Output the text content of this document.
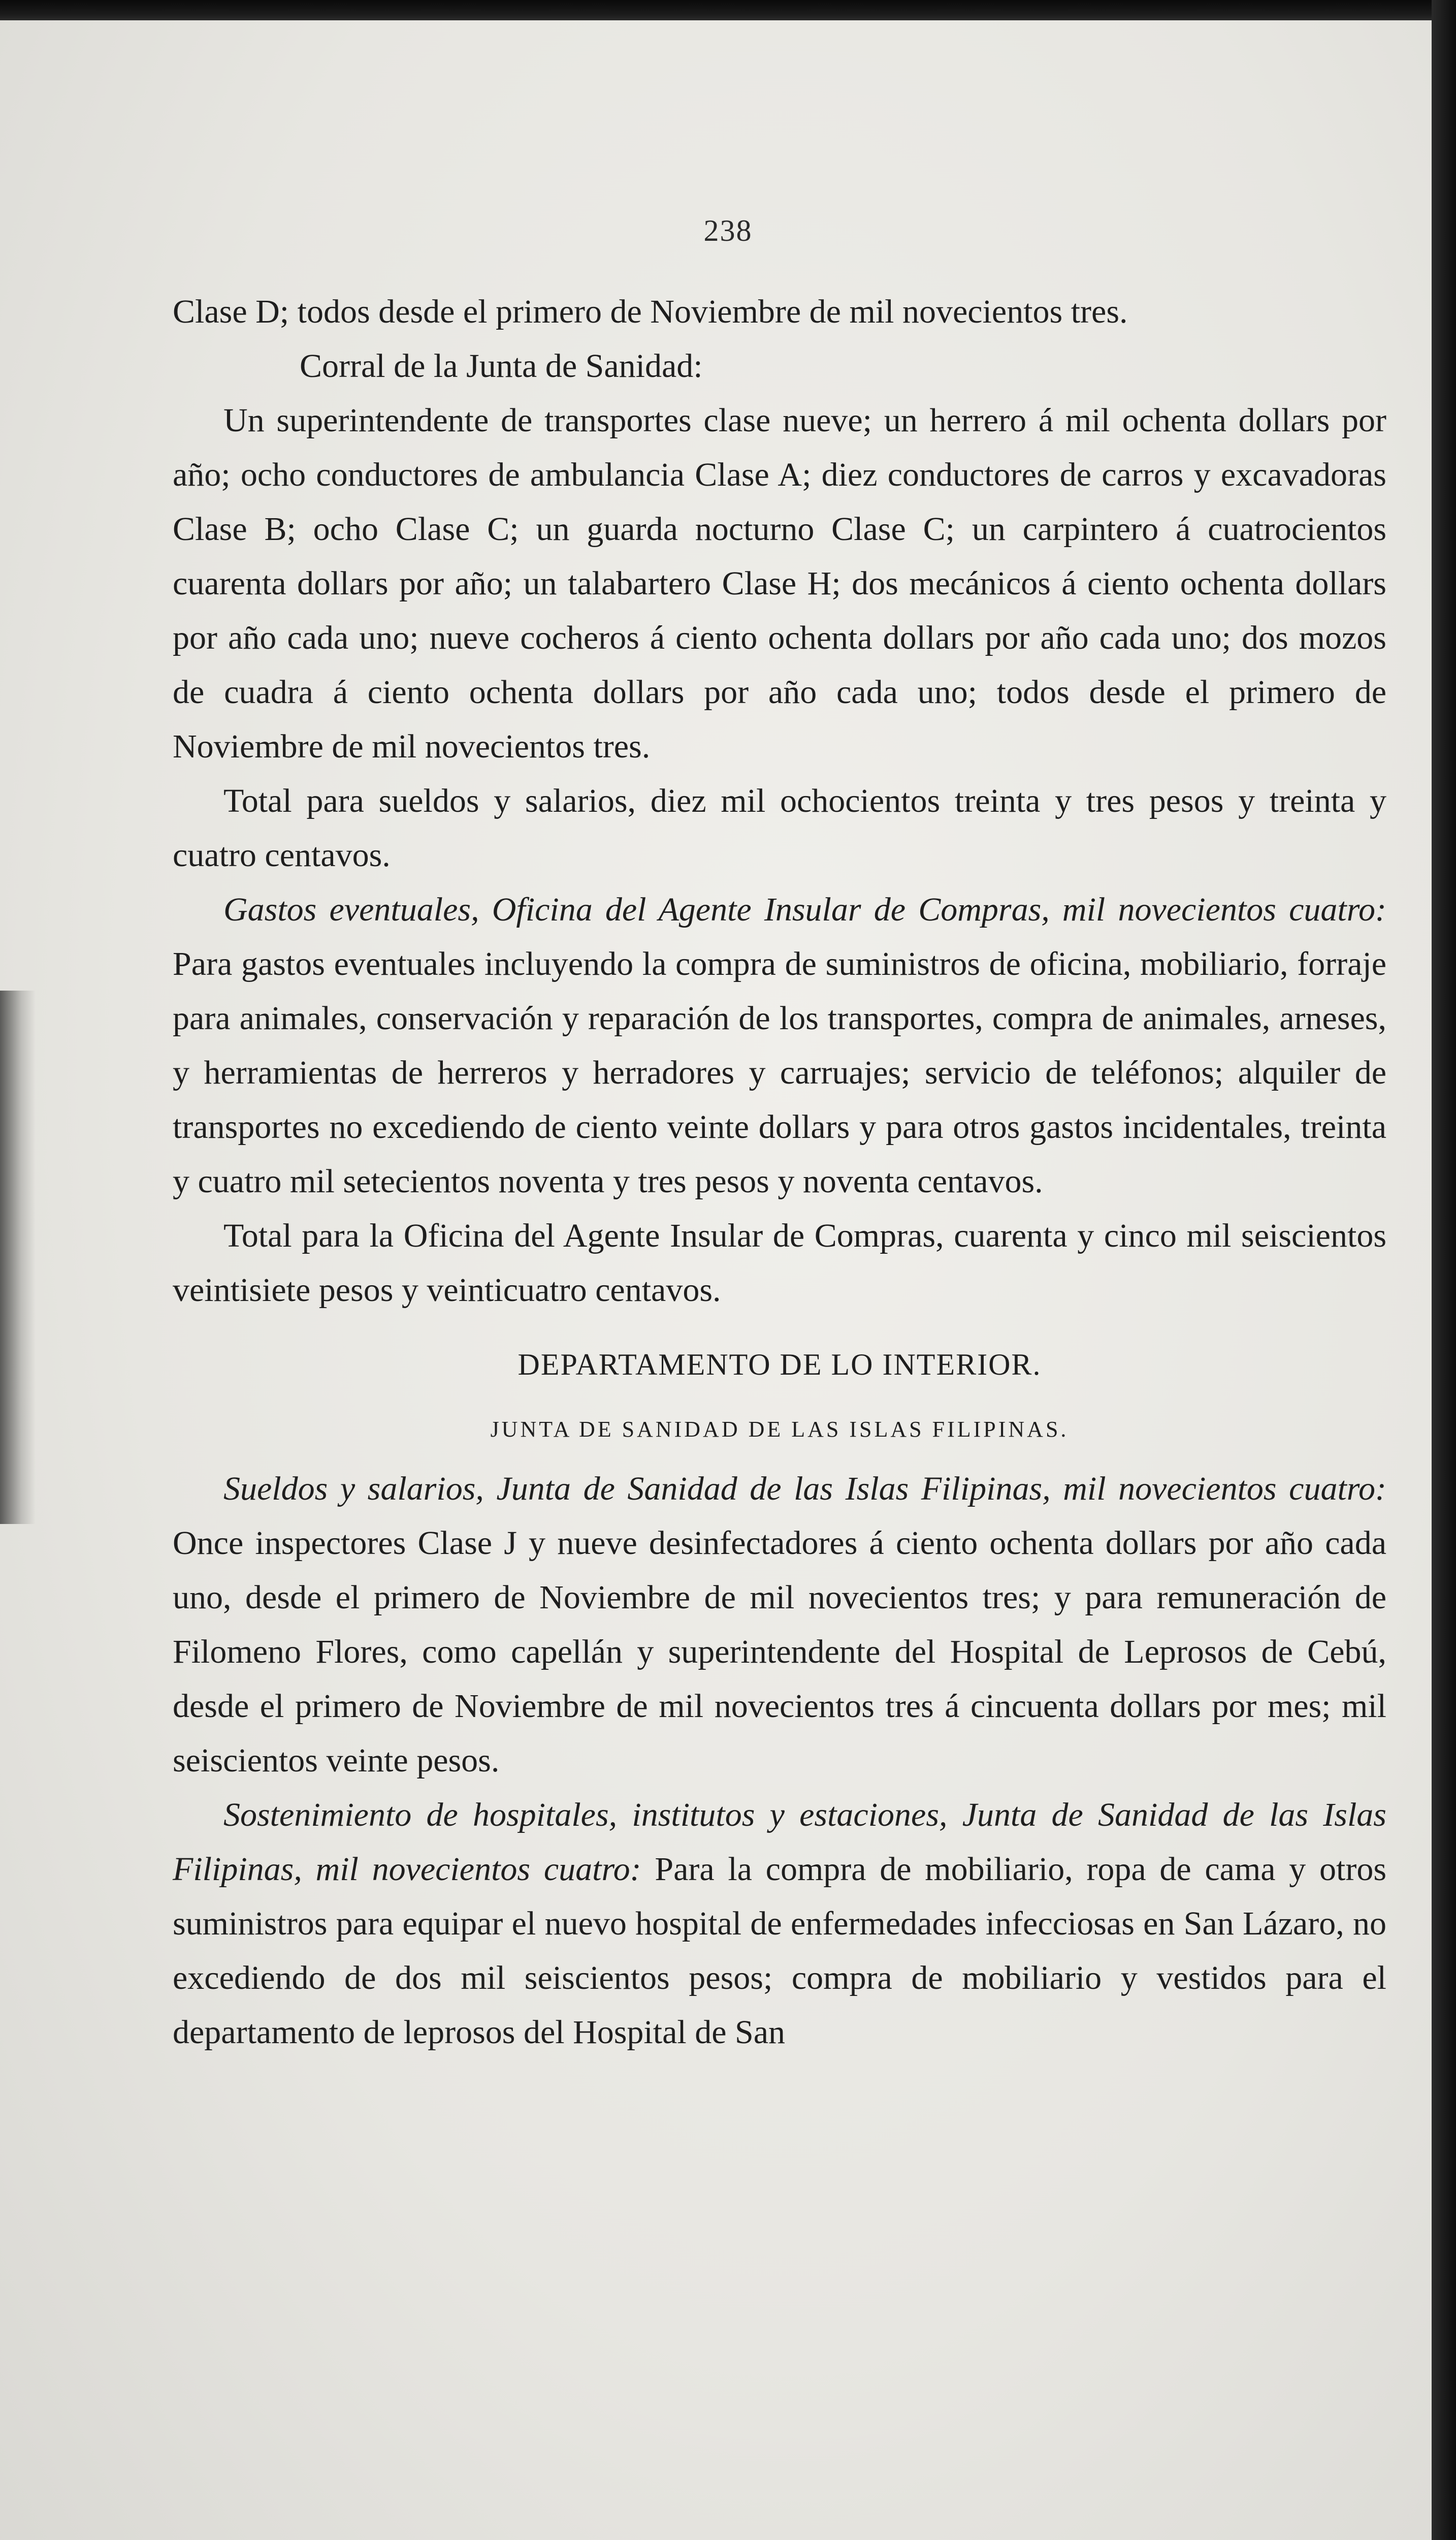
238

Clase D; todos desde el primero de Noviembre de mil novecientos tres.

Corral de la Junta de Sanidad:

Un superintendente de transportes clase nueve; un herrero á mil ochenta dollars por año; ocho conductores de ambulancia Clase A; diez conductores de carros y excavadoras Clase B; ocho Clase C; un guarda nocturno Clase C; un carpintero á cuatrocientos cuarenta dollars por año; un talabartero Clase H; dos mecánicos á ciento ochenta dollars por año cada uno; nueve cocheros á ciento ochenta dollars por año cada uno; dos mozos de cuadra á ciento ochenta dollars por año cada uno; todos desde el primero de Noviembre de mil novecientos tres.

Total para sueldos y salarios, diez mil ochocientos treinta y tres pesos y treinta y cuatro centavos.

Gastos eventuales, Oficina del Agente Insular de Compras, mil novecientos cuatro: Para gastos eventuales incluyendo la compra de suministros de oficina, mobiliario, forraje para animales, conservación y reparación de los transportes, compra de animales, arneses, y herramientas de herreros y herradores y carruajes; servicio de teléfonos; alquiler de transportes no excediendo de ciento veinte dollars y para otros gastos incidentales, treinta y cuatro mil setecientos noventa y tres pesos y noventa centavos.

Total para la Oficina del Agente Insular de Compras, cuarenta y cinco mil seiscientos veintisiete pesos y veinticuatro centavos.

DEPARTAMENTO DE LO INTERIOR.

JUNTA DE SANIDAD DE LAS ISLAS FILIPINAS.

Sueldos y salarios, Junta de Sanidad de las Islas Filipinas, mil novecientos cuatro: Once inspectores Clase J y nueve desinfectadores á ciento ochenta dollars por año cada uno, desde el primero de Noviembre de mil novecientos tres; y para remuneración de Filomeno Flores, como capellán y superintendente del Hospital de Leprosos de Cebú, desde el primero de Noviembre de mil novecientos tres á cincuenta dollars por mes; mil seiscientos veinte pesos.

Sostenimiento de hospitales, institutos y estaciones, Junta de Sanidad de las Islas Filipinas, mil novecientos cuatro: Para la compra de mobiliario, ropa de cama y otros suministros para equipar el nuevo hospital de enfermedades infecciosas en San Lázaro, no excediendo de dos mil seiscientos pesos; compra de mobiliario y vestidos para el departamento de leprosos del Hospital de San
